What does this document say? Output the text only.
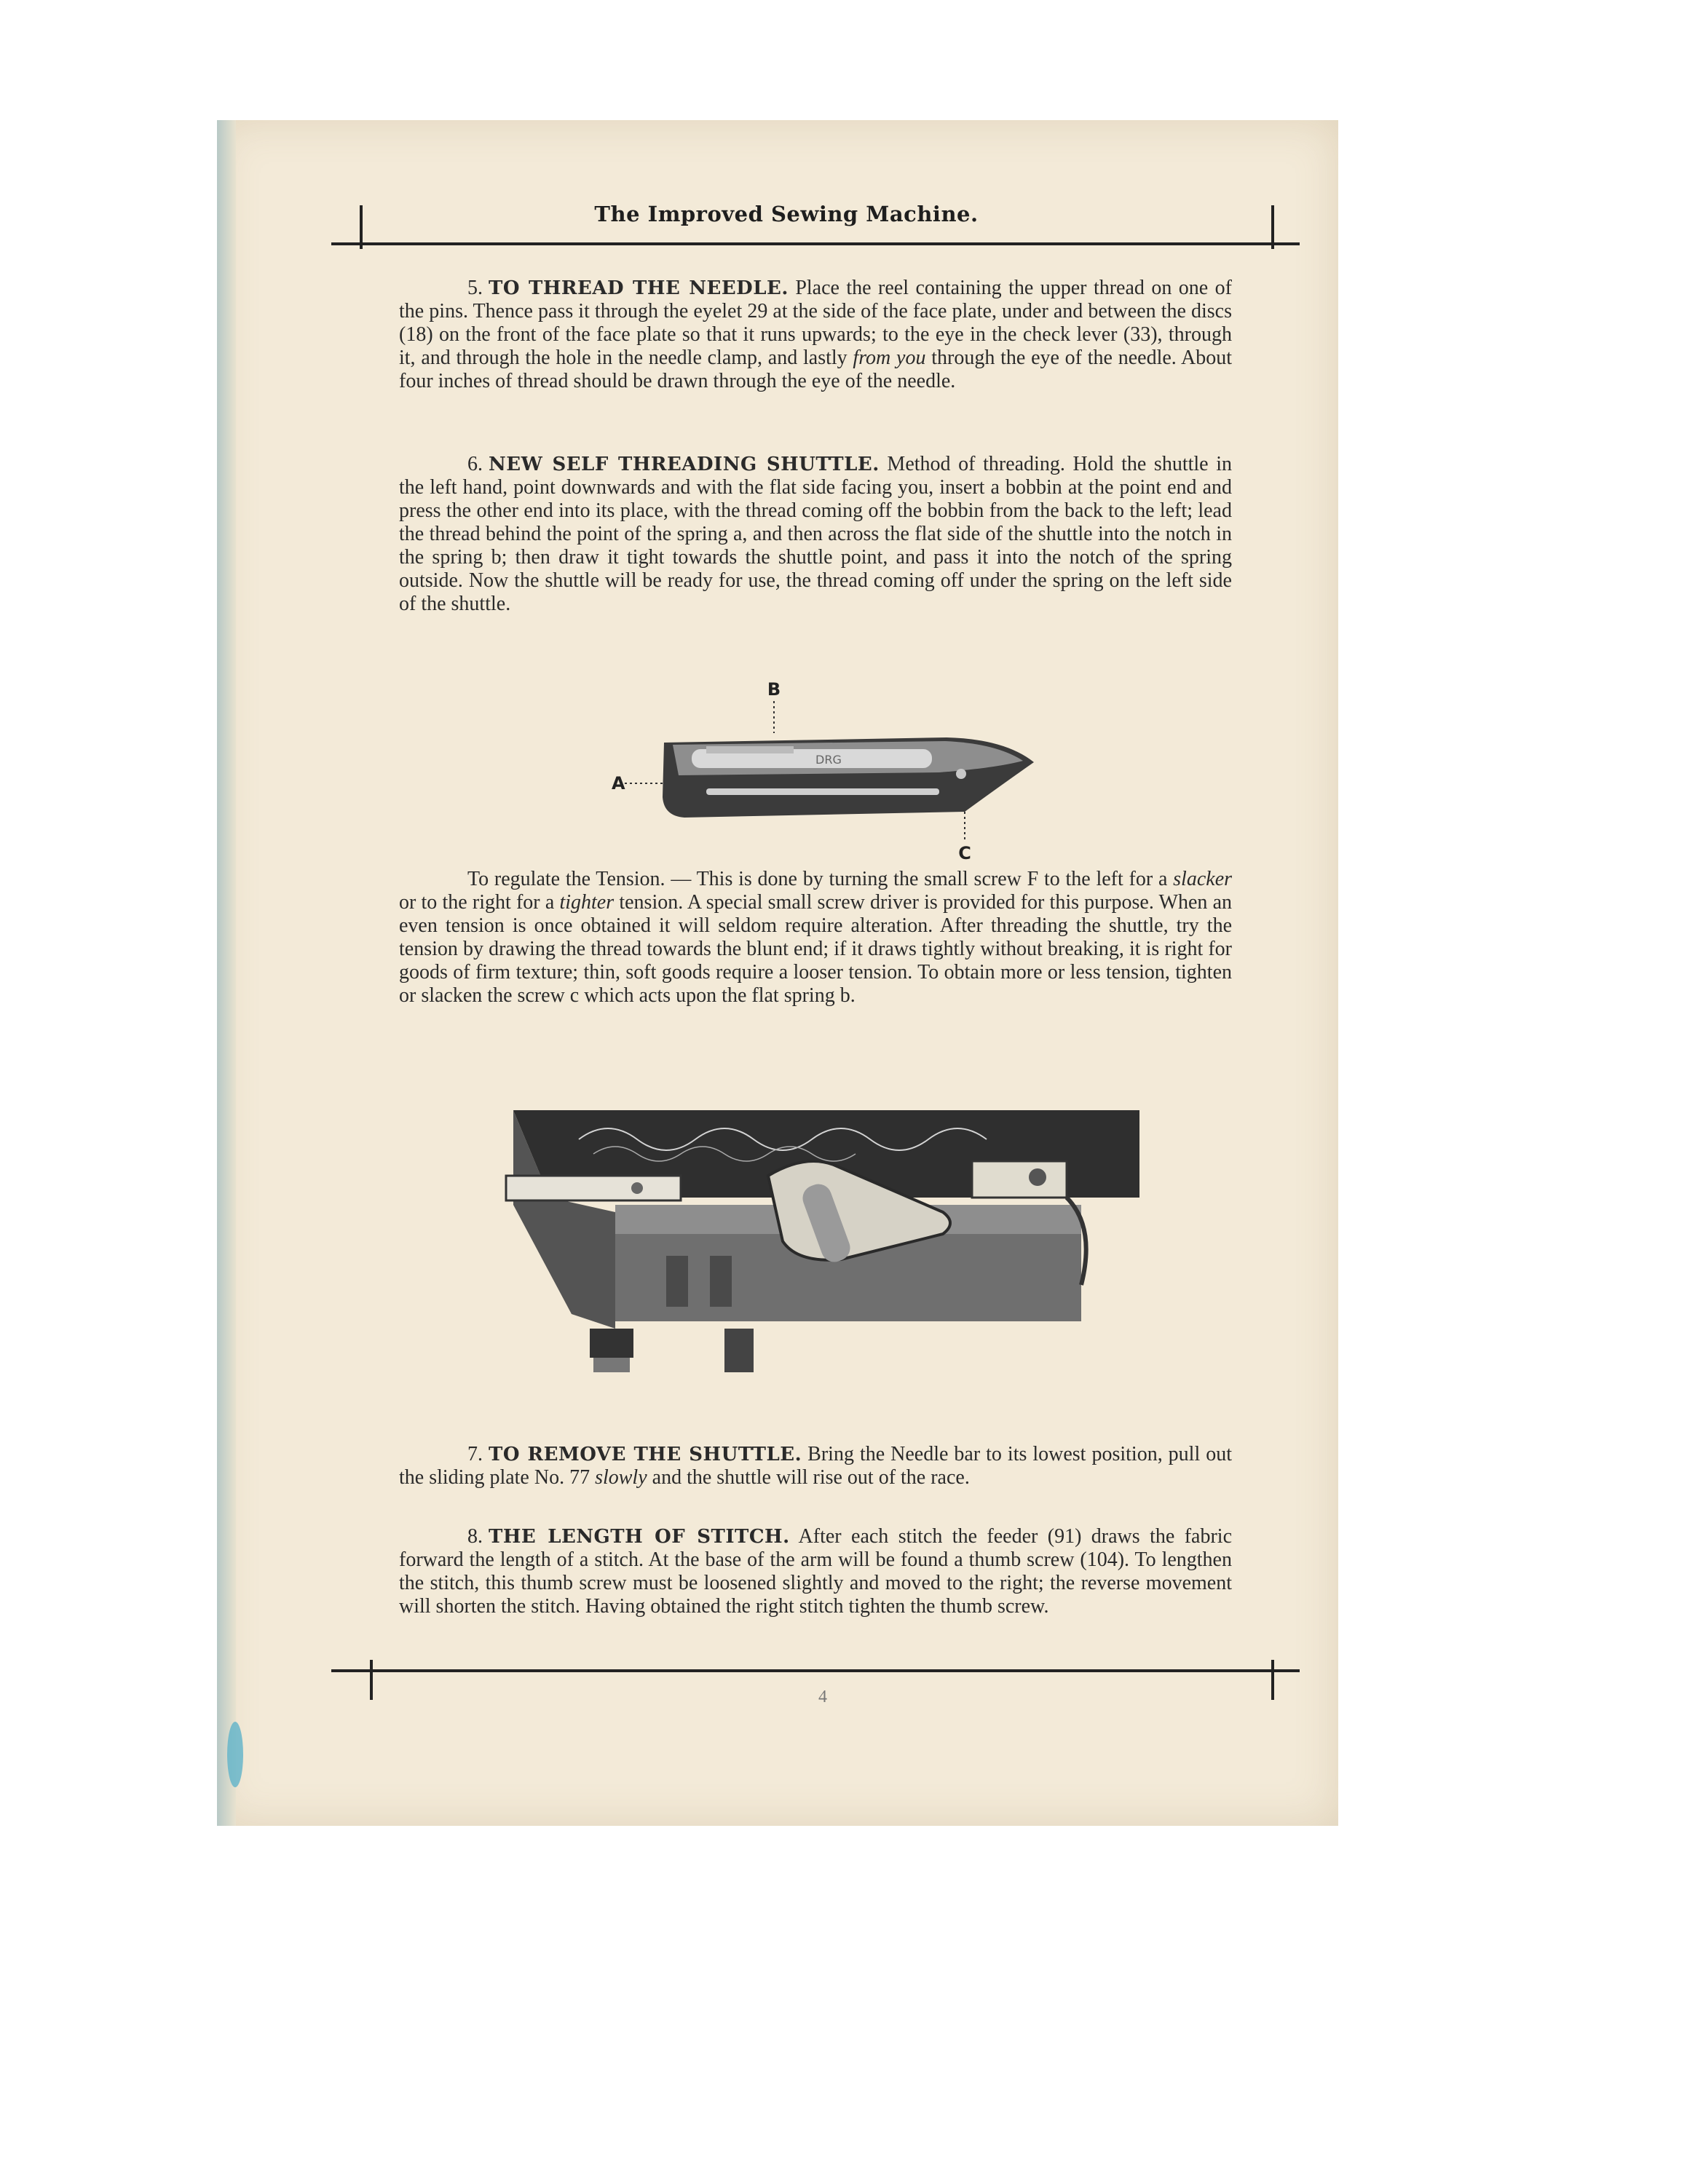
The Improved Sewing Machine.

5. TO THREAD THE NEEDLE. Place the reel containing the upper thread on one of the pins. Thence pass it through the eyelet 29 at the side of the face plate, under and between the discs (18) on the front of the face plate so that it runs upwards; to the eye in the check lever (33), through it, and through the hole in the needle clamp, and lastly from you through the eye of the needle. About four inches of thread should be drawn through the eye of the needle.

6. NEW SELF THREADING SHUTTLE. Method of threading. Hold the shuttle in the left hand, point downwards and with the flat side facing you, insert a bobbin at the point end and press the other end into its place, with the thread coming off the bobbin from the back to the left; lead the thread behind the point of the spring a, and then across the flat side of the shuttle into the notch in the spring b; then draw it tight towards the shuttle point, and pass it into the notch of the spring outside. Now the shuttle will be ready for use, the thread coming off under the spring on the left side of the shuttle.

B
A
C
DRG

To regulate the Tension. — This is done by turning the small screw F to the left for a slacker or to the right for a tighter tension. A special small screw driver is provided for this purpose. When an even tension is once obtained it will seldom require alteration. After threading the shuttle, try the tension by drawing the thread towards the blunt end; if it draws tightly without breaking, it is right for goods of firm texture; thin, soft goods require a looser tension. To obtain more or less tension, tighten or slacken the screw c which acts upon the flat spring b.

7. TO REMOVE THE SHUTTLE. Bring the Needle bar to its lowest position, pull out the sliding plate No. 77 slowly and the shuttle will rise out of the race.

8. THE LENGTH OF STITCH. After each stitch the feeder (91) draws the fabric forward the length of a stitch. At the base of the arm will be found a thumb screw (104). To lengthen the stitch, this thumb screw must be loosened slightly and moved to the right; the reverse movement will shorten the stitch. Having obtained the right stitch tighten the thumb screw.

4
